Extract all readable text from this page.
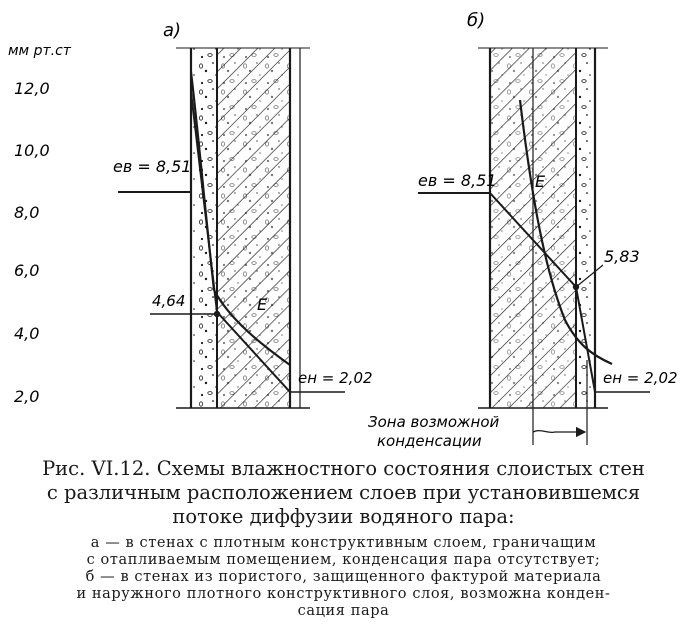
мм рт.ст
12,0
10,0
8,0
6,0
4,0
2,0
а)
eв = 8,51
E
4,64
eн = 2,02
б)
eв = 8,51 E
5,83
eн = 2,02
Зона возможной
конденсации

Рис. VI.12. Схемы влажностного состояния слоистых стен
с различным расположением слоев при установившемся
потоке диффузии водяного пара:

а — в стенах с плотным конструктивным слоем, граничащим
с отапливаемым помещением, конденсация пара отсутствует;
б — в стенах из пористого, защищенного фактурой материала
и наружного плотного конструктивного слоя, возможна конден-
сация пара
